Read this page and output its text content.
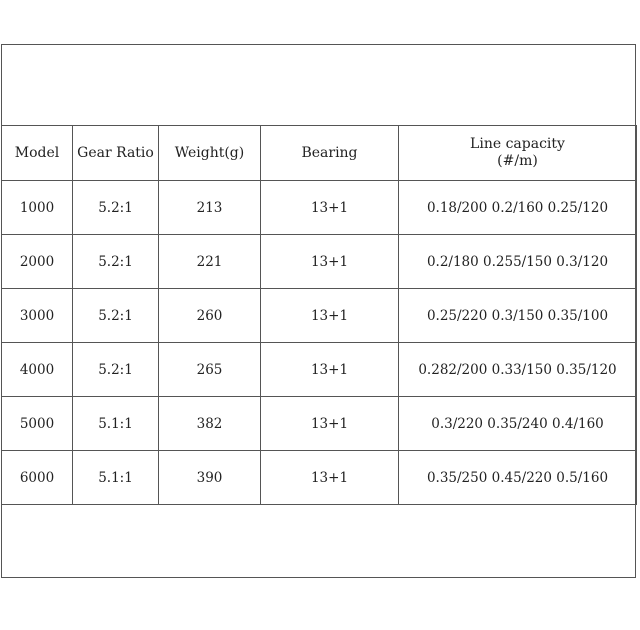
Model	Gear Ratio	Weight(g)	Bearing	Line capacity
(#/m)

1000	5.2:1	213	13+1	0.18/200 0.2/160 0.25/120
2000	5.2:1	221	13+1	0.2/180 0.255/150 0.3/120
3000	5.2:1	260	13+1	0.25/220 0.3/150 0.35/100
4000	5.2:1	265	13+1	0.282/200 0.33/150 0.35/120
5000	5.1:1	382	13+1	0.3/220 0.35/240 0.4/160
6000	5.1:1	390	13+1	0.35/250 0.45/220 0.5/160
